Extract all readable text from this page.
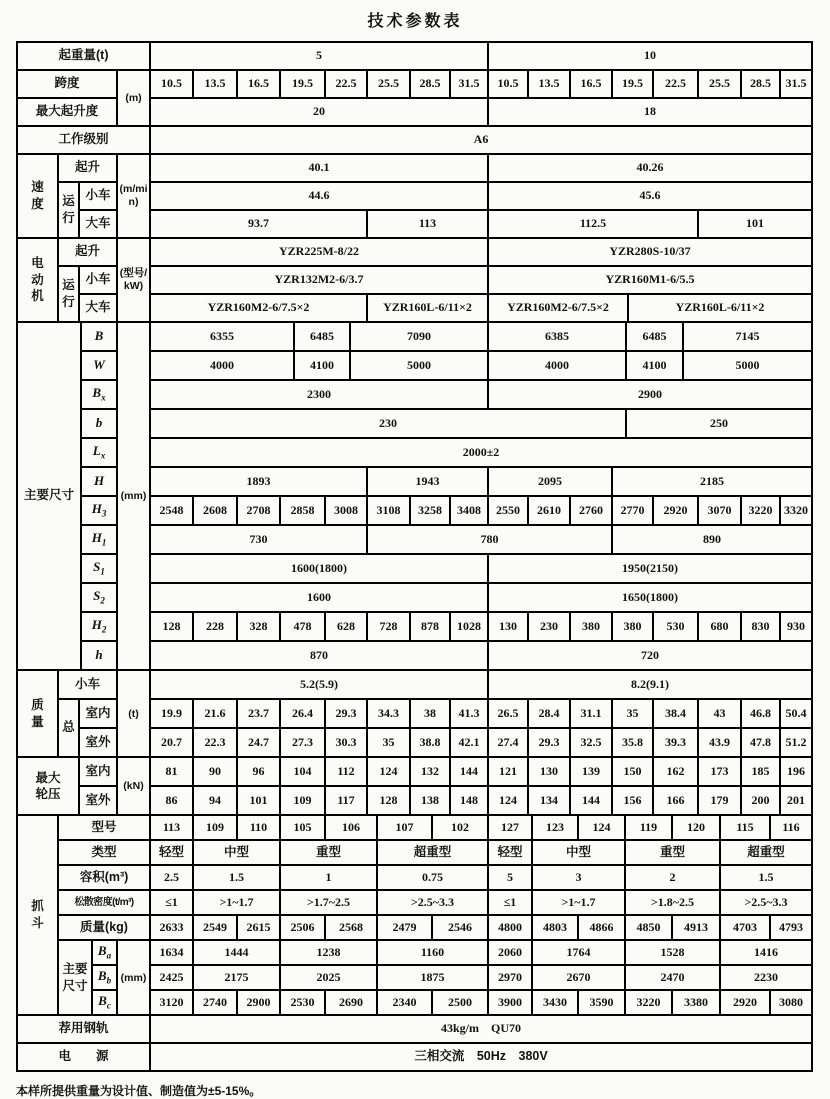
技术参数表
起重量(t)		5								10							
跨度	(m)	10.5	13.5	16.5	19.5	22.5	25.5	28.5	31.5	10.5	13.5	16.5	19.5	22.5	25.5	28.5	31.5
最大起升度		20								18							
工作级别		A6															
速度	起升		(m/min)	40.1		40.26	
	运行	小车		44.6		45.6	
		大车		93.7	113	112.5	101
电动机	起升		(型号/kW)	YZR225M-8/22		YZR280S-10/37	
	运行	小车		YZR132M2-6/3.7		YZR160M1-6/5.5	
		大车		YZR160M2-6/7.5×2	YZR160L-6/11×2	YZR160M2-6/7.5×2	YZR160L-6/11×2
主要尺寸	B	(mm)	6355				6485		7090				6385				6485		7145			
	W		4000				4100		5000				4000				4100		5000			
	$B_x$		2300										2900									
	b		230														250					
	$L_x$		2000±2																			
	H		1893							1943			2095			2185						
	$H_3$		2548	2608	2708	2858		3008		3108	3258	3408	2550	2610	2760	2770		2920		3070	3220	3320
	$H_1$		730							780						890						
	$S_1$		1600(1800)										1950(2150)									
	$S_2$		1600										1650(1800)									
	$H_2$		128	228	328	478		628		728	878	1028	130	230	380	380		530		680	830	930
	h		870										720									
质量	小车		(t)	5.2(5.9)								8.2(9.1)							
	总	室内		19.9	21.6	23.7	26.4	29.3	34.3	38	41.3	26.5	28.4	31.1	35	38.4	43	46.8	50.4
		室外		20.7	22.3	24.7	27.3	30.3	35	38.8	42.1	27.4	29.3	32.5	35.8	39.3	43.9	47.8	51.2
最大轮压	室内	(kN)	81	90	96	104	112	124	132	144	121	130	139	150	162	173	185	196
	室外		86	94	101	109	117	128	138	148	124	134	144	156	166	179	200	201
抓斗	型号			113	109	110	105	106	107	102	127	123	124	119	120	115	116
	类型			轻型	中型		重型		超重型		轻型	中型		重型		超重型	
	容积(m³)			2.5	1.5		1		0.75		5	3		2		1.5	
	松散密度(t/m³)			≤1	>1~1.7		>1.7~2.5		>2.5~3.3		≤1	>1~1.7		>1.8~2.5		>2.5~3.3	
	质量(kg)			2633	2549	2615	2506	2568	2479	2546	4800	4803	4866	4850	4913	4703	4793
	主要尺寸	$B_a$	(mm)	1634	1444		1238		1160		2060	1764		1528		1416	
		$B_b$		2425	2175		2025		1875		2970	2670		2470		2230	
		$B_c$		3120	2740	2900	2530	2690	2340	2500	3900	3430	3590	3220	3380	2920	3080
荐用钢轨	43kg/m　QU70
电　　源	三相交流　50Hz　380V
本样所提供重量为设计值、制造值为±5-15%。
